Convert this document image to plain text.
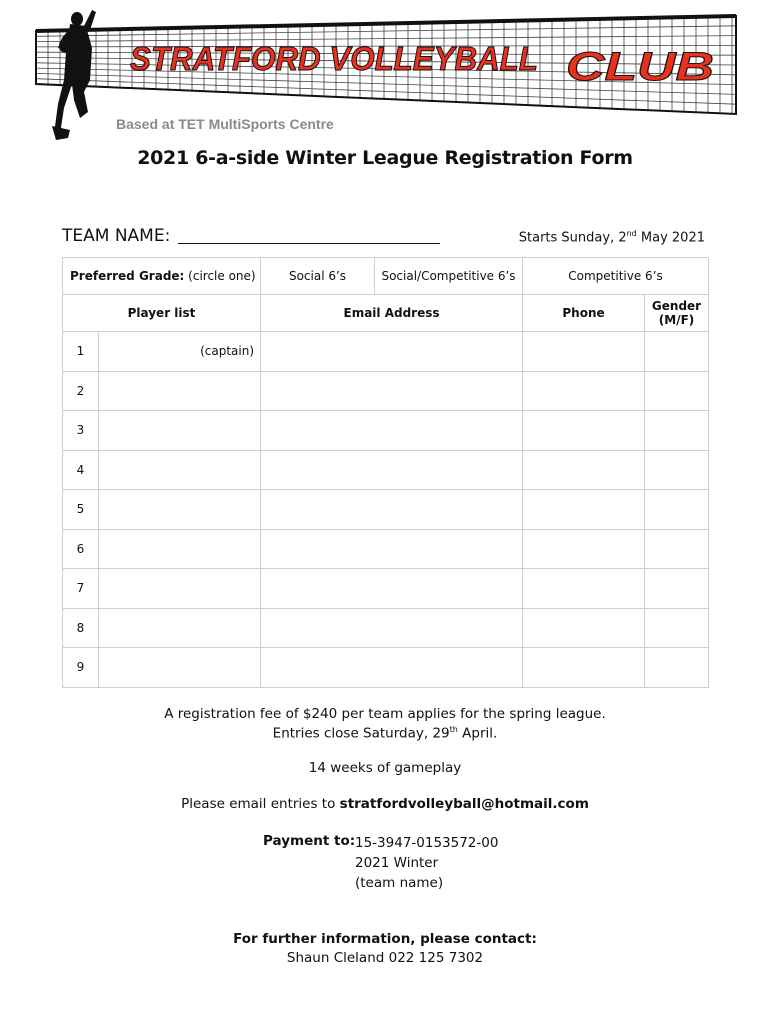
STRATFORD VOLLEYBALL CLUB
Based at TET MultiSports Centre
2021 6-a-side Winter League Registration Form
TEAM NAME:	Starts Sunday, 2nd May 2021
Preferred Grade: (circle one)		Social 6’s	Social/Competitive 6’s	Competitive 6’s	
Player list		Email Address		Phone	Gender
(M/F)
1	(captain)				
2					
3					
4					
5					
6					
7					
8					
9					
A registration fee of $240 per team applies for the spring league.
Entries close Saturday, 29th April.
14 weeks of gameplay
Please email entries to stratfordvolleyball@hotmail.com
Payment to: 15-3947-0153572-00
2021 Winter
(team name)
For further information, please contact:
Shaun Cleland 022 125 7302
